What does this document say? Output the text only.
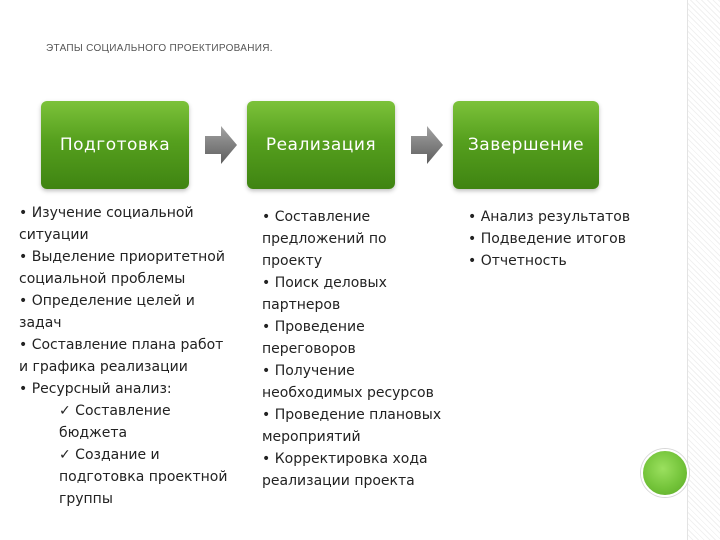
ЭТАПЫ СОЦИАЛЬНОГО ПРОЕКТИРОВАНИЯ.
Подготовка	Реализация	Завершение
• Изучение социальной
ситуации
• Выделение приоритетной
социальной проблемы
• Определение целей и
задач
• Составление плана работ
и графика реализации
• Ресурсный анализ:
✓ Составление
бюджета
✓ Создание и
подготовка проектной
группы
• Составление
предложений по
проекту
• Поиск деловых
партнеров
• Проведение
переговоров
• Получение
необходимых ресурсов
• Проведение плановых
мероприятий
• Корректировка хода
реализации проекта
• Анализ результатов
• Подведение итогов
• Отчетность
